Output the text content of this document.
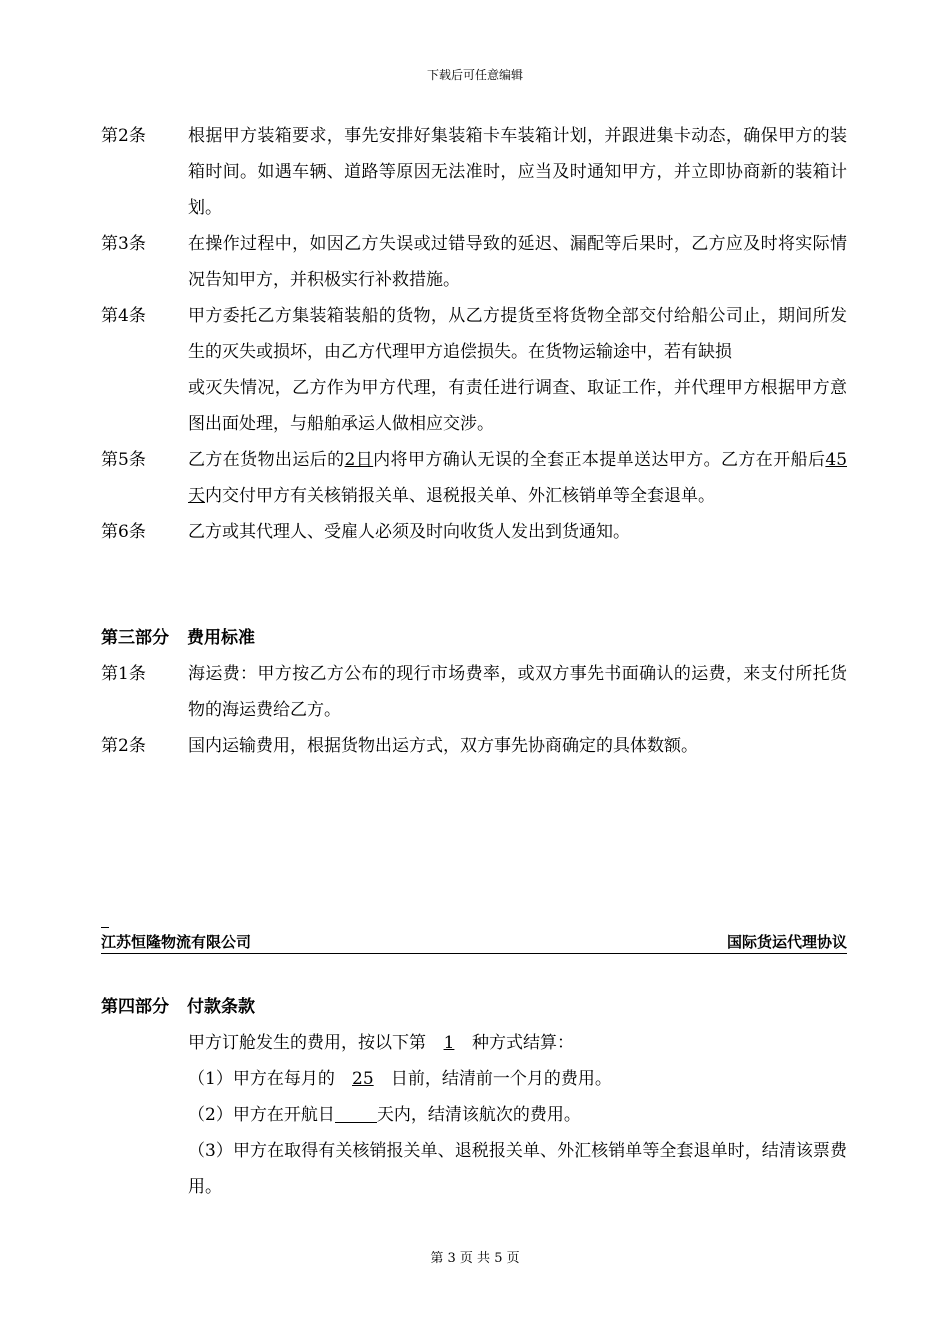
下载后可任意编辑
第2条 根据甲方装箱要求，事先安排好集装箱卡车装箱计划，并跟进集卡动态，确保甲方的装箱时间。如遇车辆、道路等原因无法准时，应当及时通知甲方，并立即协商新的装箱计划。

第3条 在操作过程中，如因乙方失误或过错导致的延迟、漏配等后果时，乙方应及时将实际情况告知甲方，并积极实行补救措施。

第4条 甲方委托乙方集装箱装船的货物，从乙方提货至将货物全部交付给船公司止，期间所发生的灭失或损坏，由乙方代理甲方追偿损失。在货物运输途中，若有缺损

或灭失情况，乙方作为甲方代理，有责任进行调查、取证工作，并代理甲方根据甲方意图出面处理，与船舶承运人做相应交涉。

第5条 乙方在货物出运后的2日内将甲方确认无误的全套正本提单送达甲方。乙方在开船后45天内交付甲方有关核销报关单、退税报关单、外汇核销单等全套退单。

第6条 乙方或其代理人、受雇人必须及时向收货人发出到货通知。

第三部分 费用标准
第1条 海运费：甲方按乙方公布的现行市场费率，或双方事先书面确认的运费，来支付所托货物的海运费给乙方。

第2条 国内运输费用，根据货物出运方式，双方事先协商确定的具体数额。

江苏恒隆物流有限公司	国际货运代理协议
第四部分 付款条款
甲方订舱发生的费用，按以下第 1 种方式结算：
（1）甲方在每月的 25 日前，结清前一个月的费用。
（2）甲方在开航日 天内，结清该航次的费用。
（3）甲方在取得有关核销报关单、退税报关单、外汇核销单等全套退单时，结清该票费用。
第 3 页 共 5 页
